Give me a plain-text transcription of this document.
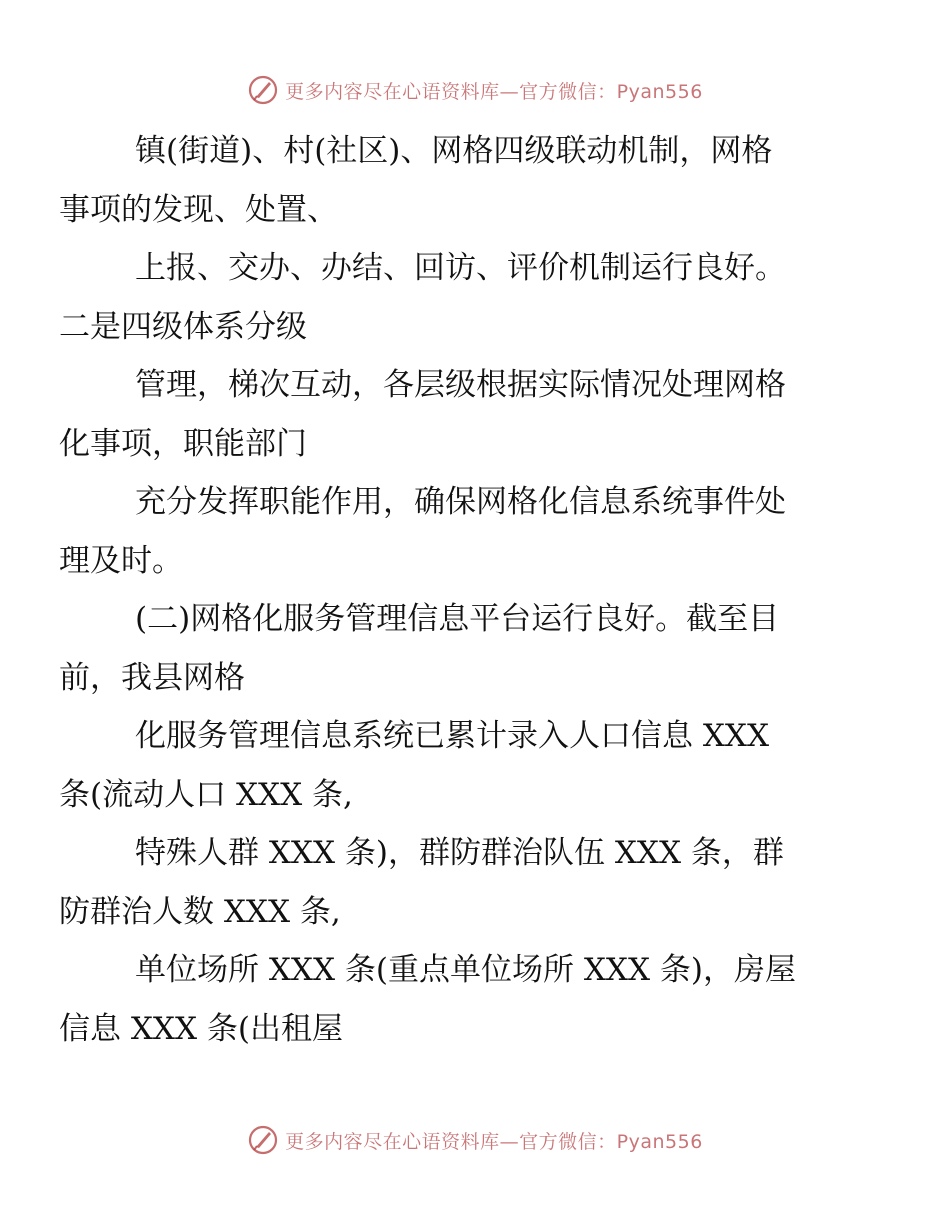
更多内容尽在心语资料库—官方微信：Pyan556

镇(街道)、村(社区)、网格四级联动机制，网格
事项的发现、处置、

上报、交办、办结、回访、评价机制运行良好。
二是四级体系分级

管理，梯次互动，各层级根据实际情况处理网格
化事项，职能部门

充分发挥职能作用，确保网格化信息系统事件处
理及时。

(二)网格化服务管理信息平台运行良好。截至目
前，我县网格

化服务管理信息系统已累计录入人口信息 XXX
条(流动人口 XXX 条,

特殊人群 XXX 条)，群防群治队伍 XXX 条，群
防群治人数 XXX 条,

单位场所 XXX 条(重点单位场所 XXX 条)，房屋
信息 XXX 条(出租屋

更多内容尽在心语资料库—官方微信：Pyan556
